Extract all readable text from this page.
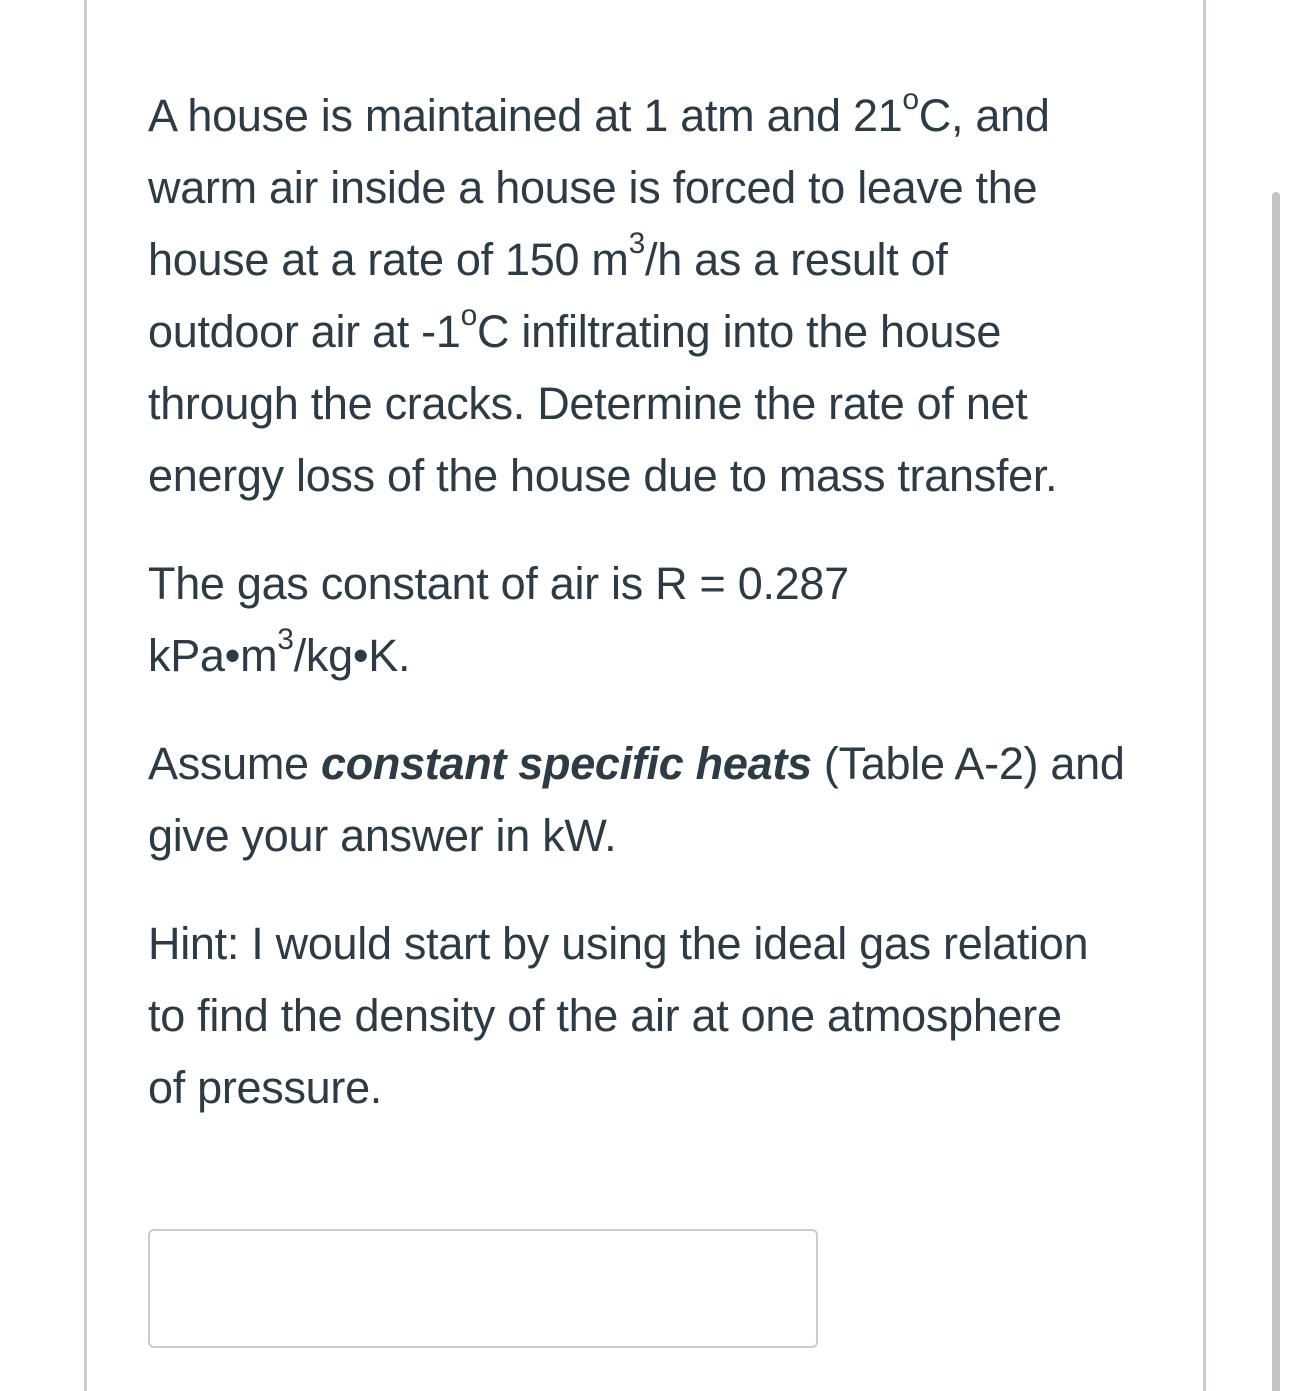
A house is maintained at 1 atm and 21$^o$C, and
warm air inside a house is forced to leave the
house at a rate of 150 $m^3/h$ as a result of
outdoor air at -1$^o$C infiltrating into the house
through the cracks. Determine the rate of net
energy loss of the house due to mass transfer.
The gas constant of air is R = 0.287
$kPa•m^3/kg•K$.
Assume constant specific heats (Table A-2) and
give your answer in kW.
Hint: I would start by using the ideal gas relation
to find the density of the air at one atmosphere
of pressure.
